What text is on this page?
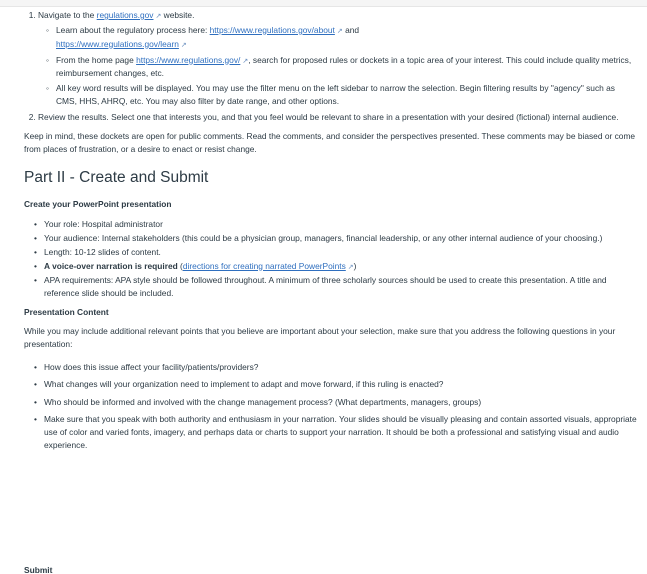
1. Navigate to the regulations.gov ↗ website.
◦ Learn about the regulatory process here: https://www.regulations.gov/about ↗ and
https://www.regulations.gov/learn ↗
◦ From the home page https://www.regulations.gov/ ↗, search for proposed rules or dockets in a topic area of your interest. This could include quality metrics, reimbursement changes, etc.
◦ All key word results will be displayed. You may use the filter menu on the left sidebar to narrow the selection. Begin filtering results by "agency" such as CMS, HHS, AHRQ, etc. You may also filter by date range, and other options.
2. Review the results. Select one that interests you, and that you feel would be relevant to share in a presentation with your desired (fictional) internal audience.

Keep in mind, these dockets are open for public comments. Read the comments, and consider the perspectives presented. These comments may be biased or come from places of frustration, or a desire to enact or resist change.

Part II - Create and Submit
Create your PowerPoint presentation
• Your role: Hospital administrator
• Your audience: Internal stakeholders (this could be a physician group, managers, financial leadership, or any other internal audience of your choosing.)
• Length: 10-12 slides of content.
• A voice-over narration is required (directions for creating narrated PowerPoints ↗)
• APA requirements: APA style should be followed throughout. A minimum of three scholarly sources should be used to create this presentation. A title and reference slide should be included.
Presentation Content

While you may include additional relevant points that you believe are important about your selection, make sure that you address the following questions in your presentation:

• How does this issue affect your facility/patients/providers?
• What changes will your organization need to implement to adapt and move forward, if this ruling is enacted?
• Who should be informed and involved with the change management process? (What departments, managers, groups)
• Make sure that you speak with both authority and enthusiasm in your narration. Your slides should be visually pleasing and contain assorted visuals, appropriate use of color and varied fonts, imagery, and perhaps data or charts to support your narration. It should be both a professional and satisfying visual and audio experience.
Submit
